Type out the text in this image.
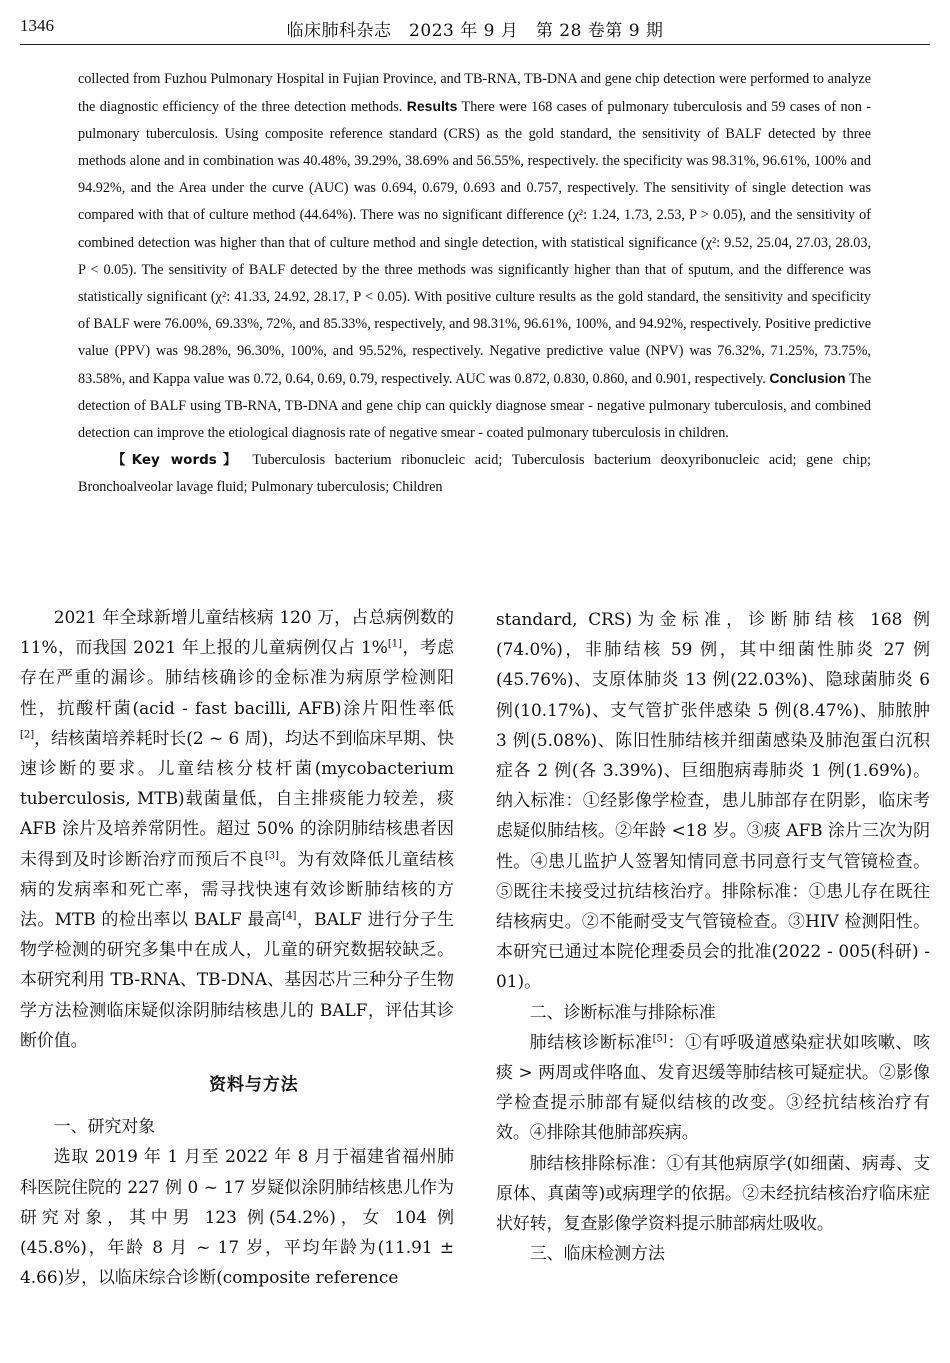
1346	临床肺科杂志　2023 年 9 月　第 28 卷第 9 期

collected from Fuzhou Pulmonary Hospital in Fujian Province, and TB-RNA, TB-DNA and gene chip detection were performed to analyze the diagnostic efficiency of the three detection methods. Results There were 168 cases of pulmonary tuberculosis and 59 cases of non - pulmonary tuberculosis. Using composite reference standard (CRS) as the gold standard, the sensitivity of BALF detected by three methods alone and in combination was 40.48%, 39.29%, 38.69% and 56.55%, respectively. the specificity was 98.31%, 96.61%, 100% and 94.92%, and the Area under the curve (AUC) was 0.694, 0.679, 0.693 and 0.757, respectively. The sensitivity of single detection was compared with that of culture method (44.64%). There was no significant difference (χ²: 1.24, 1.73, 2.53, P > 0.05), and the sensitivity of combined detection was higher than that of culture method and single detection, with statistical significance (χ²: 9.52, 25.04, 27.03, 28.03, P < 0.05). The sensitivity of BALF detected by the three methods was significantly higher than that of sputum, and the difference was statistically significant (χ²: 41.33, 24.92, 28.17, P < 0.05). With positive culture results as the gold standard, the sensitivity and specificity of BALF were 76.00%, 69.33%, 72%, and 85.33%, respectively, and 98.31%, 96.61%, 100%, and 94.92%, respectively. Positive predictive value (PPV) was 98.28%, 96.30%, 100%, and 95.52%, respectively. Negative predictive value (NPV) was 76.32%, 71.25%, 73.75%, 83.58%, and Kappa value was 0.72, 0.64, 0.69, 0.79, respectively. AUC was 0.872, 0.830, 0.860, and 0.901, respectively. Conclusion The detection of BALF using TB-RNA, TB-DNA and gene chip can quickly diagnose smear - negative pulmonary tuberculosis, and combined detection can improve the etiological diagnosis rate of negative smear - coated pulmonary tuberculosis in children.

【Key words】 Tuberculosis bacterium ribonucleic acid; Tuberculosis bacterium deoxyribonucleic acid; gene chip; Bronchoalveolar lavage fluid; Pulmonary tuberculosis; Children

2021 年全球新增儿童结核病 120 万，占总病例数的 11%，而我国 2021 年上报的儿童病例仅占 1%[1]，考虑存在严重的漏诊。肺结核确诊的金标准为病原学检测阳性，抗酸杆菌(acid - fast bacilli, AFB)涂片阳性率低[2]，结核菌培养耗时长(2 ~ 6 周)，均达不到临床早期、快速诊断的要求。儿童结核分枝杆菌(mycobacterium tuberculosis, MTB)载菌量低，自主排痰能力较差，痰 AFB 涂片及培养常阴性。超过 50% 的涂阴肺结核患者因未得到及时诊断治疗而预后不良[3]。为有效降低儿童结核病的发病率和死亡率，需寻找快速有效诊断肺结核的方法。MTB 的检出率以 BALF 最高[4]，BALF 进行分子生物学检测的研究多集中在成人，儿童的研究数据较缺乏。本研究利用 TB-RNA、TB-DNA、基因芯片三种分子生物学方法检测临床疑似涂阴肺结核患儿的 BALF，评估其诊断价值。

资料与方法

一、研究对象

选取 2019 年 1 月至 2022 年 8 月于福建省福州肺科医院住院的 227 例 0 ~ 17 岁疑似涂阴肺结核患儿作为研究对象，其中男 123 例(54.2%)，女 104 例(45.8%)，年龄 8 月 ~ 17 岁，平均年龄为(11.91 ± 4.66)岁，以临床综合诊断(composite reference

standard, CRS)为金标准，诊断肺结核 168 例(74.0%)，非肺结核 59 例，其中细菌性肺炎 27 例(45.76%)、支原体肺炎 13 例(22.03%)、隐球菌肺炎 6 例(10.17%)、支气管扩张伴感染 5 例(8.47%)、肺脓肿 3 例(5.08%)、陈旧性肺结核并细菌感染及肺泡蛋白沉积症各 2 例(各 3.39%)、巨细胞病毒肺炎 1 例(1.69%)。纳入标准：①经影像学检查，患儿肺部存在阴影，临床考虑疑似肺结核。②年龄 <18 岁。③痰 AFB 涂片三次为阴性。④患儿监护人签署知情同意书同意行支气管镜检查。⑤既往未接受过抗结核治疗。排除标准：①患儿存在既往结核病史。②不能耐受支气管镜检查。③HIV 检测阳性。本研究已通过本院伦理委员会的批准(2022 - 005(科研) - 01)。

二、诊断标准与排除标准

肺结核诊断标准[5]：①有呼吸道感染症状如咳嗽、咳痰 > 两周或伴咯血、发育迟缓等肺结核可疑症状。②影像学检查提示肺部有疑似结核的改变。③经抗结核治疗有效。④排除其他肺部疾病。

肺结核排除标准：①有其他病原学(如细菌、病毒、支原体、真菌等)或病理学的依据。②未经抗结核治疗临床症状好转，复查影像学资料提示肺部病灶吸收。

三、临床检测方法
